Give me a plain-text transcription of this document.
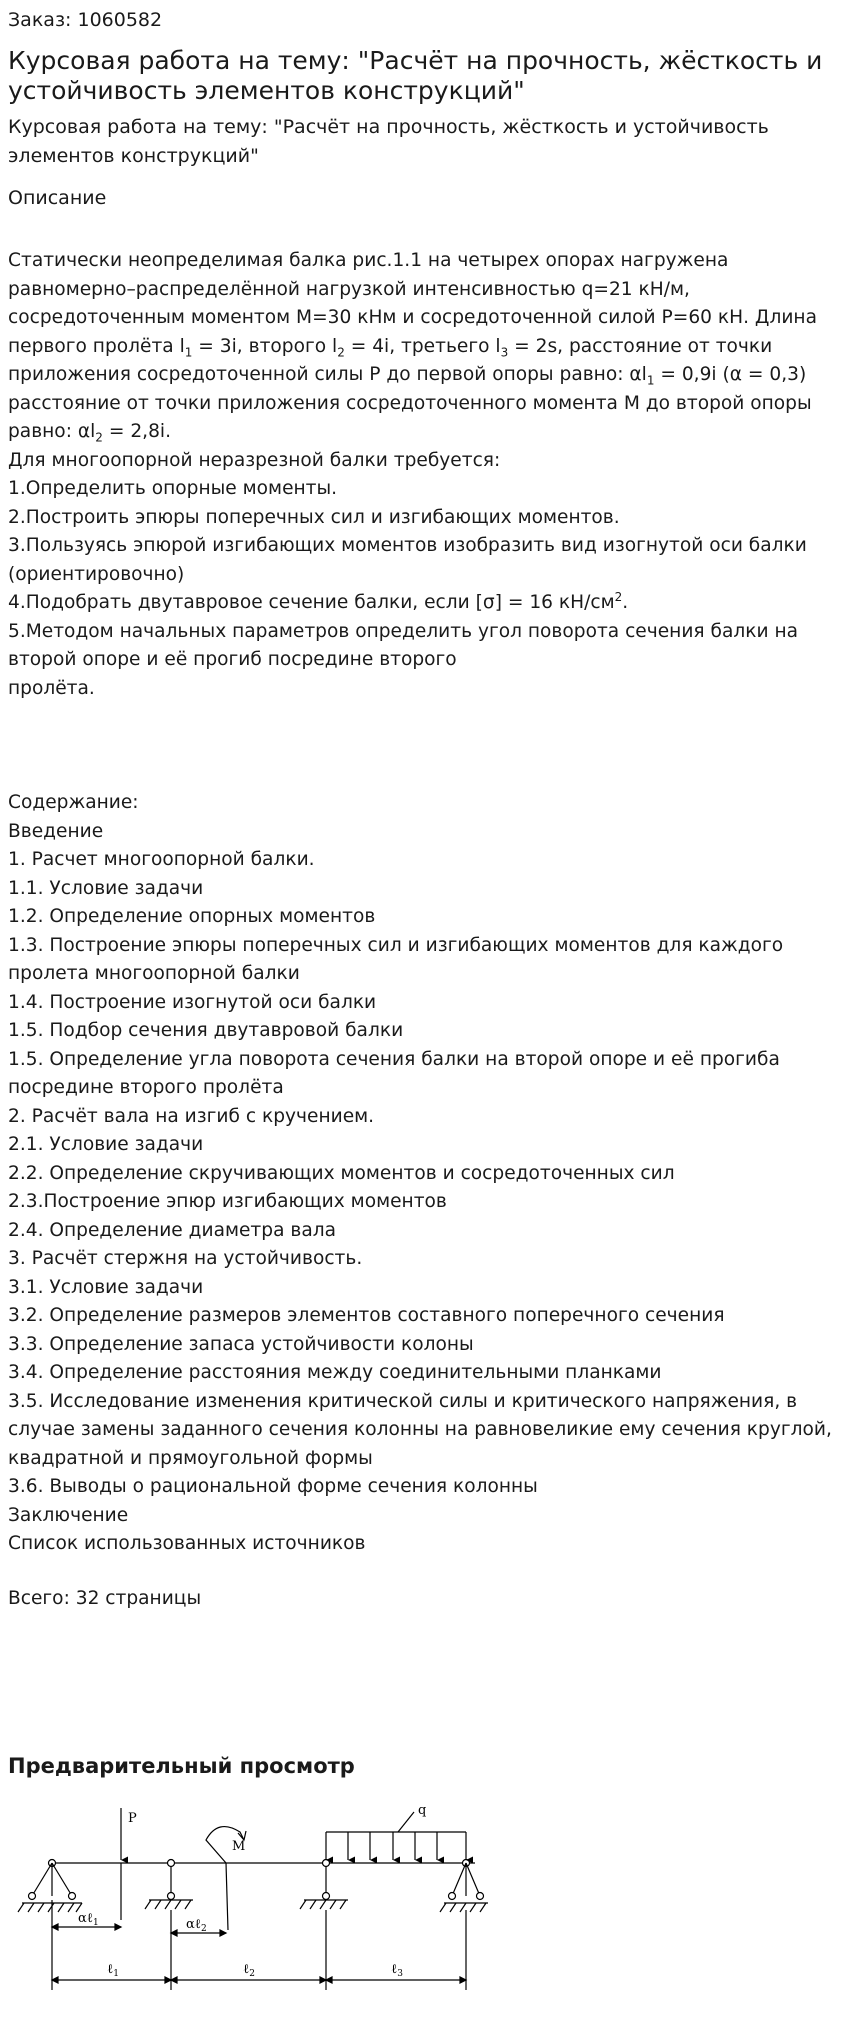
Заказ: 1060582
Курсовая работа на тему: "Расчёт на прочность, жёсткость и устойчивость элементов конструкций"
Курсовая работа на тему: "Расчёт на прочность, жёсткость и устойчивость элементов конструкций"
Описание

Статически неопределимая балка рис.1.1 на четырех опорах нагружена равномерно–распределённой нагрузкой интенсивностью q=21 кН/м, сосредоточенным моментом М=30 кНм и сосредоточенной силой P=60 кН. Длина первого пролёта $l_1 = 3i$, второго $l_2 = 4i$, третьего $l_3 = 2s$, расстояние от точки приложения сосредоточенной силы Р до первой опоры равно: $\alpha l_1 = 0,9i$ (α = 0,3) расстояние от точки приложения сосредоточенного момента М до второй опоры равно: $\alpha l_2 = 2,8i$.

Для многоопорной неразрезной балки требуется:

1.Определить опорные моменты.

2.Построить эпюры поперечных сил и изгибающих моментов.

3.Пользуясь эпюрой изгибающих моментов изобразить вид изогнутой оси балки (ориентировочно)

4.Подобрать двутавровое сечение балки, если [σ] = 16 $кН/см^2$.

5.Методом начальных параметров определить угол поворота сечения балки на второй опоре и её прогиб посредине второго

пролёта.

Содержание:
Введение
1. Расчет многоопорной балки.
1.1. Условие задачи
1.2. Определение опорных моментов
1.3. Построение эпюры поперечных сил и изгибающих моментов для каждого пролета многоопорной балки
1.4. Построение изогнутой оси балки
1.5. Подбор сечения двутавровой балки
1.5. Определение угла поворота сечения балки на второй опоре и её прогиба посредине второго пролёта
2. Расчёт вала на изгиб с кручением.
2.1. Условие задачи
2.2. Определение скручивающих моментов и сосредоточенных сил
2.3.Построение эпюр изгибающих моментов
2.4. Определение диаметра вала
3. Расчёт стержня на устойчивость.
3.1. Условие задачи
3.2. Определение размеров элементов составного поперечного сечения
3.3. Определение запаса устойчивости колоны
3.4. Определение расстояния между соединительными планками
3.5. Исследование изменения критической силы и критического напряжения, в случае замены заданного сечения колонны на равновеликие ему сечения круглой, квадратной и прямоугольной формы
3.6. Выводы о рациональной форме сечения колонны
Заключение
Список использованных источников
Всего: 32 страницы
Предварительный просмотр
P
M
q
αℓ$_1$	αℓ$_2$
ℓ$_1$	ℓ$_2$	ℓ$_3$
